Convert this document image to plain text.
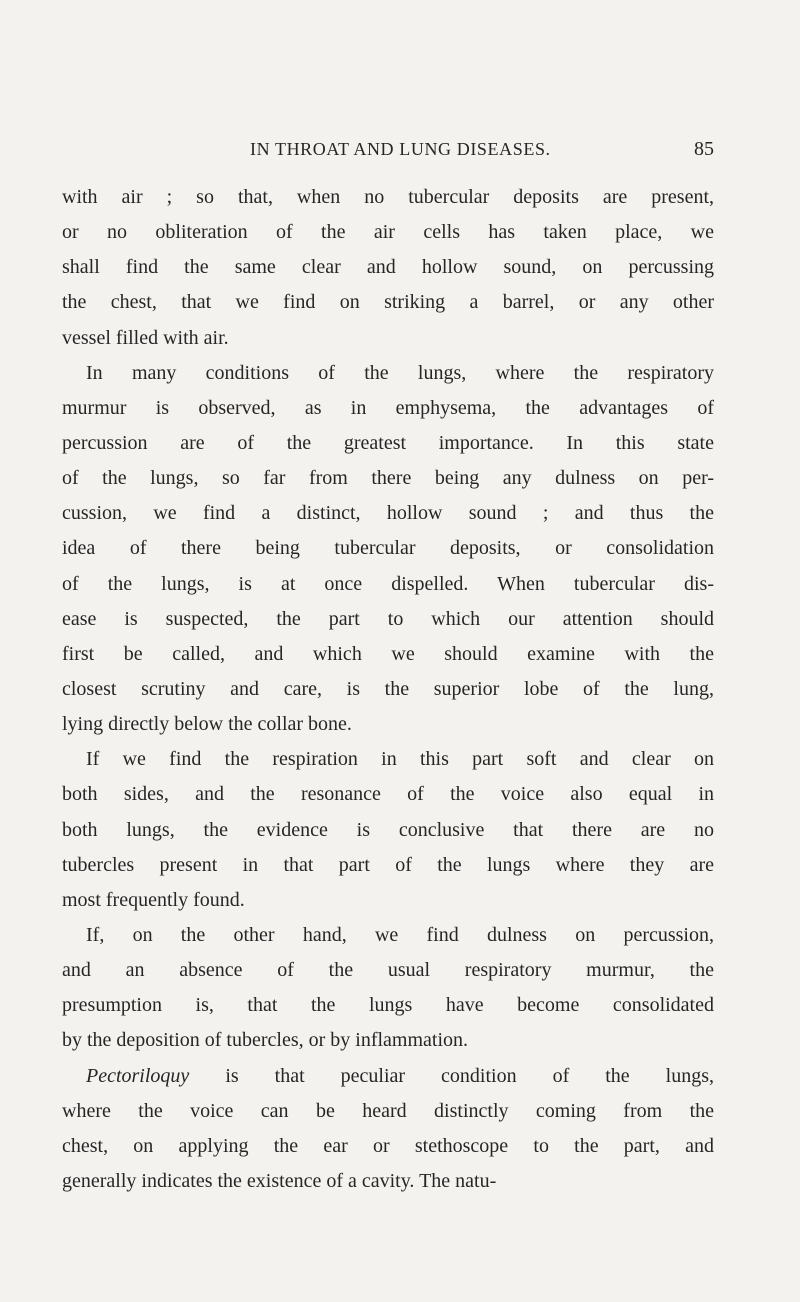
IN THROAT AND LUNG DISEASES.	85
with air ; so that, when no tubercular deposits are present,
or no obliteration of the air cells has taken place, we
shall find the same clear and hollow sound, on percussing
the chest, that we find on striking a barrel, or any other
vessel filled with air.
In many conditions of the lungs, where the respiratory
murmur is observed, as in emphysema, the advantages of
percussion are of the greatest importance. In this state
of the lungs, so far from there being any dulness on per-
cussion, we find a distinct, hollow sound ; and thus the
idea of there being tubercular deposits, or consolidation
of the lungs, is at once dispelled. When tubercular dis-
ease is suspected, the part to which our attention should
first be called, and which we should examine with the
closest scrutiny and care, is the superior lobe of the lung,
lying directly below the collar bone.
If we find the respiration in this part soft and clear on
both sides, and the resonance of the voice also equal in
both lungs, the evidence is conclusive that there are no
tubercles present in that part of the lungs where they are
most frequently found.
If, on the other hand, we find dulness on percussion,
and an absence of the usual respiratory murmur, the
presumption is, that the lungs have become consolidated
by the deposition of tubercles, or by inflammation.
Pectoriloquy is that peculiar condition of the lungs,
where the voice can be heard distinctly coming from the
chest, on applying the ear or stethoscope to the part, and
generally indicates the existence of a cavity. The natu-
